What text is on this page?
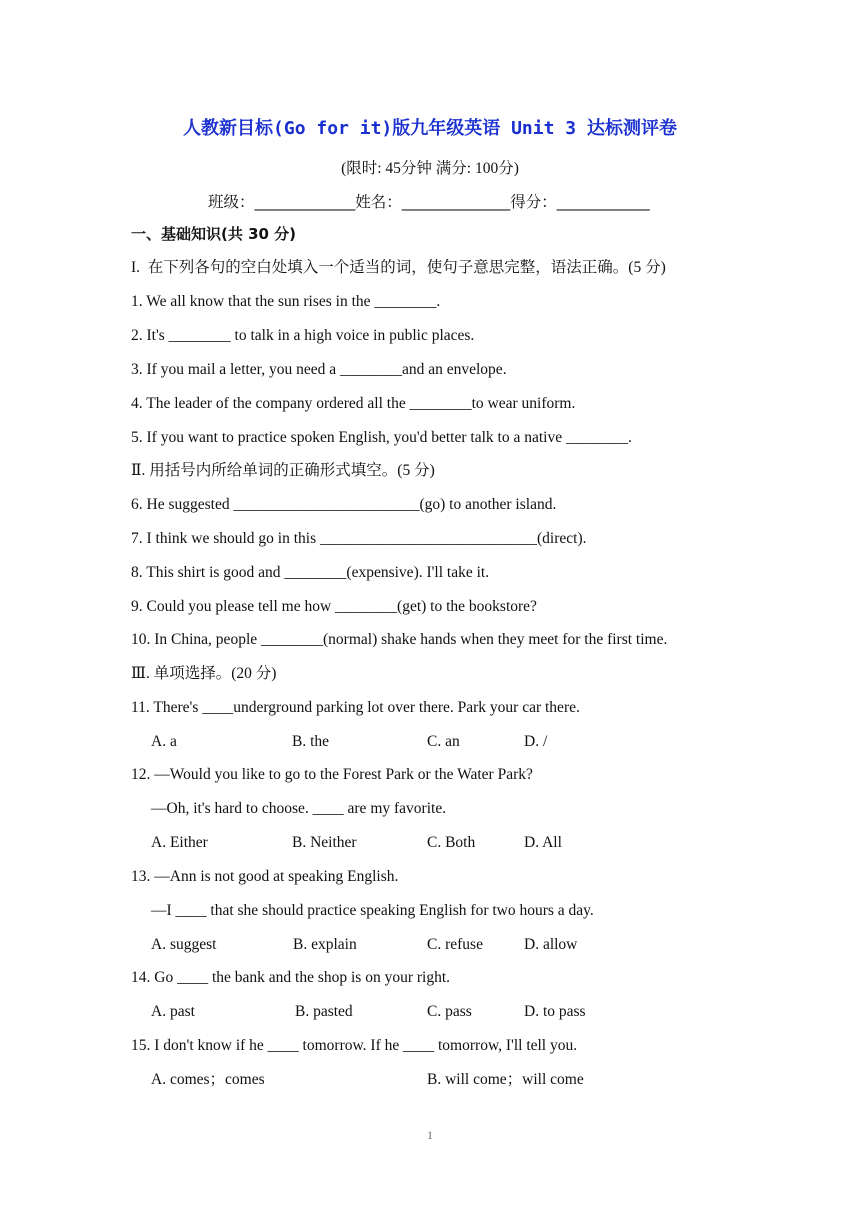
人教新目标(Go for it)版九年级英语 Unit 3 达标测评卷
(限时: 45分钟 满分: 100分)
班级：_____________姓名：______________得分：____________
一、基础知识(共 30 分)
I.  在下列各句的空白处填入一个适当的词，使句子意思完整，语法正确。(5 分)
1. We all know that the sun rises in the ________.
2. It's ________ to talk in a high voice in public places.
3. If you mail a letter, you need a ________and an envelope.
4. The leader of the company ordered all the ________to wear uniform.
5. If you want to practice spoken English, you'd better talk to a native ________.
Ⅱ. 用括号内所给单词的正确形式填空。(5 分)
6. He suggested ________________________(go) to another island.
7. I think we should go in this ____________________________(direct).
8. This shirt is good and ________(expensive). I'll take it.
9. Could you please tell me how ________(get) to the bookstore?
10. In China, people ________(normal) shake hands when they meet for the first time.
Ⅲ. 单项选择。(20 分)
11. There's ____underground parking lot over there. Park your car there.
A. a	B. the	C. an	D. /
12. —Would you like to go to the Forest Park or the Water Park?
—Oh, it's hard to choose. ____ are my favorite.
A. Either	B. Neither	C. Both	D. All
13. —Ann is not good at speaking English.
—I ____ that she should practice speaking English for two hours a day.
A. suggest	B. explain	C. refuse	D. allow
14. Go ____ the bank and the shop is on your right.
A. past	B. pasted	C. pass	D. to pass
15. I don't know if he ____ tomorrow. If he ____ tomorrow, I'll tell you.
A. comes；comes	B. will come；will come
1
